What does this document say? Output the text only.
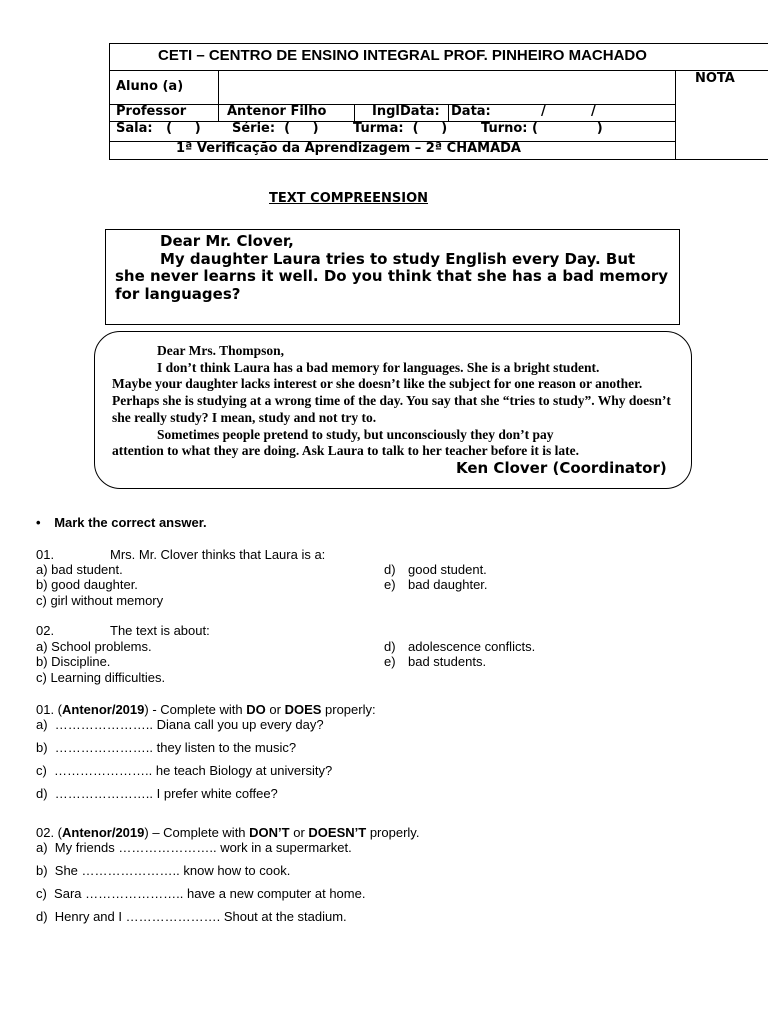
CETI – CENTRO DE ENSINO INTEGRAL PROF. PINHEIRO MACHADO
NOTA
Aluno (a)
Professor	Antenor Filho	Ingl Data: Data:	/          /
Sala:   (     ) Série:  (     )	Turma:  (     )	Turno: (             )
1ª Verificação da Aprendizagem – 2ª CHAMADA
TEXT COMPREENSION
Dear Mr. Clover,
My daughter Laura tries to study English every Day. But
she never learns it well. Do you think that she has a bad memory for languages?
Dear Mrs. Thompson,
I don’t think Laura has a bad memory for languages. She is a bright student.
Maybe your daughter lacks interest or she doesn’t like the subject for one reason or another. Perhaps she is studying at a wrong time of the day. You say that she “tries to study”. Why doesn’t she really study? I mean, study and not try to.
Sometimes people pretend to study, but unconsciously they don’t pay
attention to what they are doing. Ask Laura to talk to her teacher before it is late.
Ken Clover (Coordinator)
• Mark the correct answer.
01.	Mrs. Mr. Clover thinks that Laura is a:
a) bad student.
b) good daughter.
c) girl without memory
d) good student.
e) bad daughter.
02.	The text is about:
a) School problems.
b) Discipline.
c) Learning difficulties.
d) adolescence conflicts.
e) bad students.
01. (Antenor/2019) - Complete with DO or DOES properly:
a)  ………………….. Diana call you up every day?
b)  ………………….. they listen to the music?
c)  ………………….. he teach Biology at university?
d)  ………………….. I prefer white coffee?
02. (Antenor/2019) – Complete with DON’T or DOESN’T properly.
a)  My friends ………………….. work in a supermarket.
b)  She ………………….. know how to cook.
c)  Sara ………………….. have a new computer at home.
d)  Henry and I …………………. Shout at the stadium.
